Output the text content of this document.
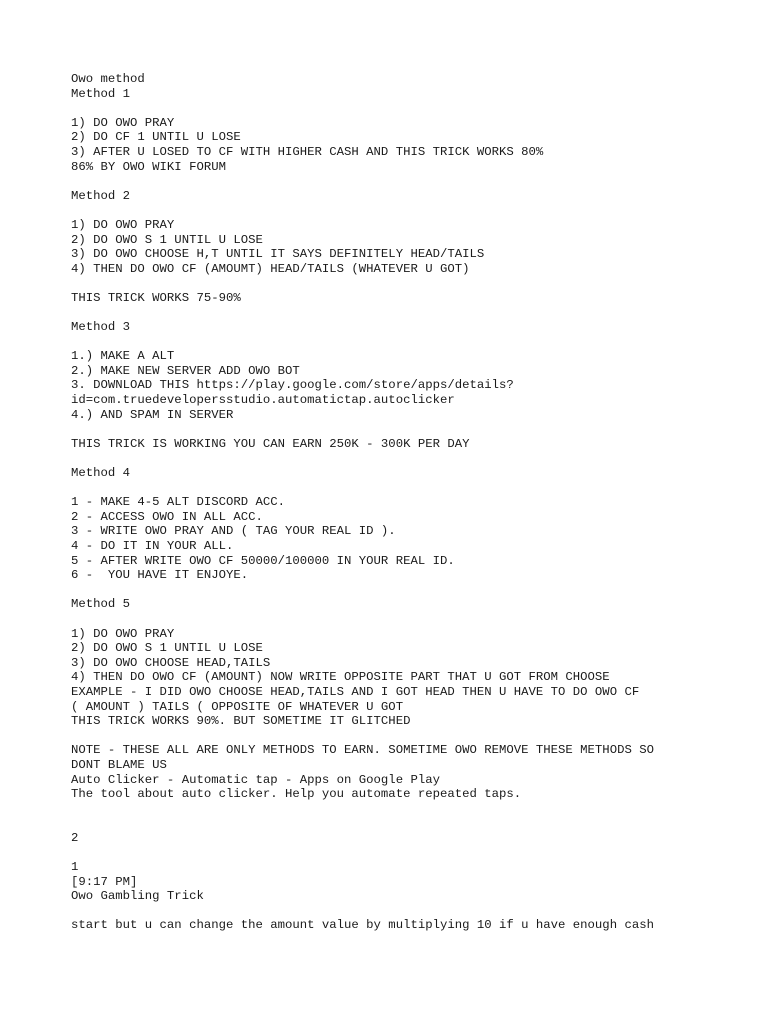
Owo method
Method 1
1) DO OWO PRAY
2) DO CF 1 UNTIL U LOSE
3) AFTER U LOSED TO CF WITH HIGHER CASH AND THIS TRICK WORKS 80%
86% BY OWO WIKI FORUM
Method 2
1) DO OWO PRAY
2) DO OWO S 1 UNTIL U LOSE
3) DO OWO CHOOSE H,T UNTIL IT SAYS DEFINITELY HEAD/TAILS
4) THEN DO OWO CF (AMOUMT) HEAD/TAILS (WHATEVER U GOT)
THIS TRICK WORKS 75-90%
Method 3
1.) MAKE A ALT
2.) MAKE NEW SERVER ADD OWO BOT
3. DOWNLOAD THIS https://play.google.com/store/apps/details?
id=com.truedevelopersstudio.automatictap.autoclicker
4.) AND SPAM IN SERVER
THIS TRICK IS WORKING YOU CAN EARN 250K - 300K PER DAY
Method 4
1 - MAKE 4-5 ALT DISCORD ACC.
2 - ACCESS OWO IN ALL ACC.
3 - WRITE OWO PRAY AND ( TAG YOUR REAL ID ).
4 - DO IT IN YOUR ALL.
5 - AFTER WRITE OWO CF 50000/100000 IN YOUR REAL ID.
6 -  YOU HAVE IT ENJOYE.
Method 5
1) DO OWO PRAY
2) DO OWO S 1 UNTIL U LOSE
3) DO OWO CHOOSE HEAD,TAILS
4) THEN DO OWO CF (AMOUNT) NOW WRITE OPPOSITE PART THAT U GOT FROM CHOOSE
EXAMPLE - I DID OWO CHOOSE HEAD,TAILS AND I GOT HEAD THEN U HAVE TO DO OWO CF
( AMOUNT ) TAILS ( OPPOSITE OF WHATEVER U GOT
THIS TRICK WORKS 90%. BUT SOMETIME IT GLITCHED
NOTE - THESE ALL ARE ONLY METHODS TO EARN. SOMETIME OWO REMOVE THESE METHODS SO
DONT BLAME US
Auto Clicker - Automatic tap - Apps on Google Play
The tool about auto clicker. Help you automate repeated taps.
2
1
[9:17 PM]
Owo Gambling Trick
start but u can change the amount value by multiplying 10 if u have enough cash
